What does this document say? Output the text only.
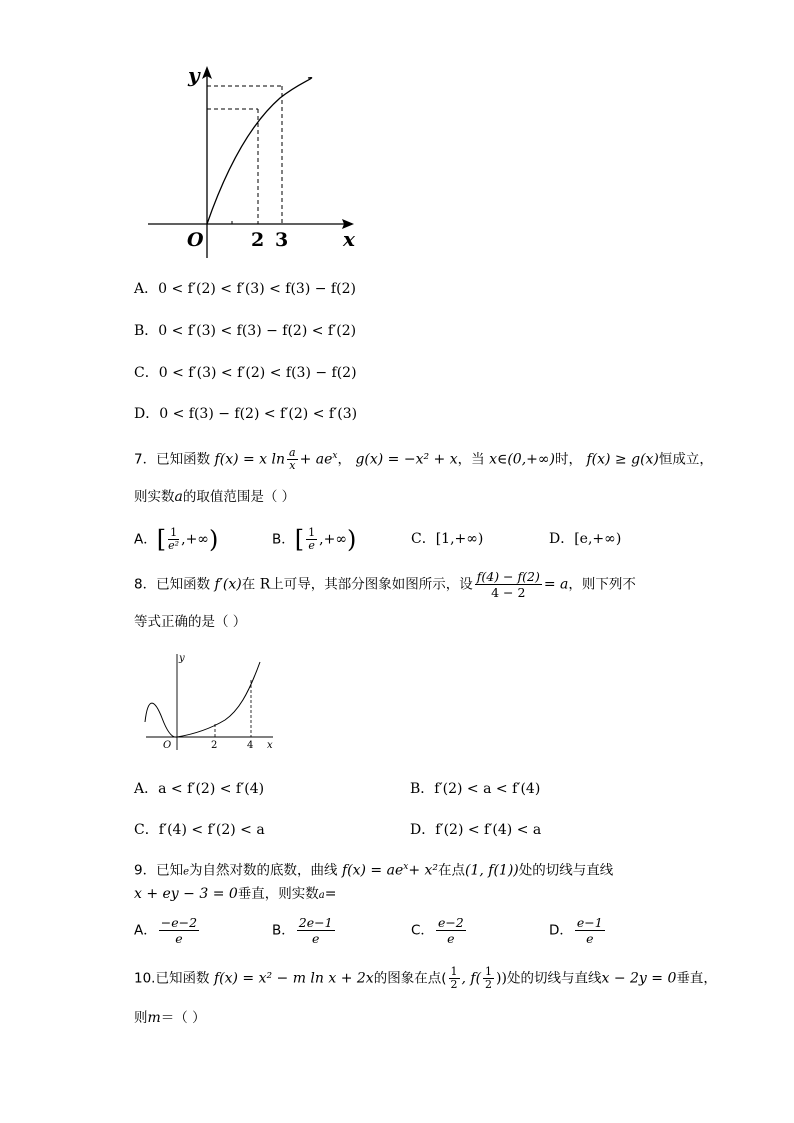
y
x
O 2 3
A．0 < f′(2) < f′(3) < f(3) − f(2)
B．0 < f′(3) < f(3) − f(2) < f′(2)
C．0 < f′(3) < f′(2) < f(3) − f(2)
D．0 < f(3) − f(2) < f′(2) < f′(3)
7．已知函数 f(x) = x $\ln \frac{a}{x} + ae^x$， g(x) = −x² + x，当 x∈(0,+∞)时， f(x) ≥ g(x)恒成立，
则实数a的取值范围是（ ）
A．[ $\frac{1}{\text{e²}}$ ,+∞)	B．[ $\frac{1}{e}$ ,+∞)	C．[1,+∞)	D．[e,+∞)
8．已知函数 f′(x)在 R上可导，其部分图象如图所示，设 $\frac{f(4) - f(2)}{4 - 2} = a$，则下列不
等式正确的是（ ）
y
x
O	2	4
A．a < f′(2) < f′(4)	B．f′(2) < a < f′(4)
C．f′(4) < f′(2) < a	D．f′(2) < f′(4) < a
9．已知e为自然对数的底数，曲线 $f(x) = ae^x+ x^2$在点(1, f(1))处的切线与直线
x + ey − 3 = 0垂直，则实数a=
A． $\frac{-e-2}{e}$	B． $\frac{2e-1}{e}$	C． $\frac{e-2}{e}$	D． $\frac{e-1}{e}$
10.已知函数 f(x) = x² − m ln x + 2x的图象在点( $\frac{1}{2}$ , $f( \frac{1}{2}$ ))处的切线与直线x − 2y = 0垂直，
则m＝（ ）
